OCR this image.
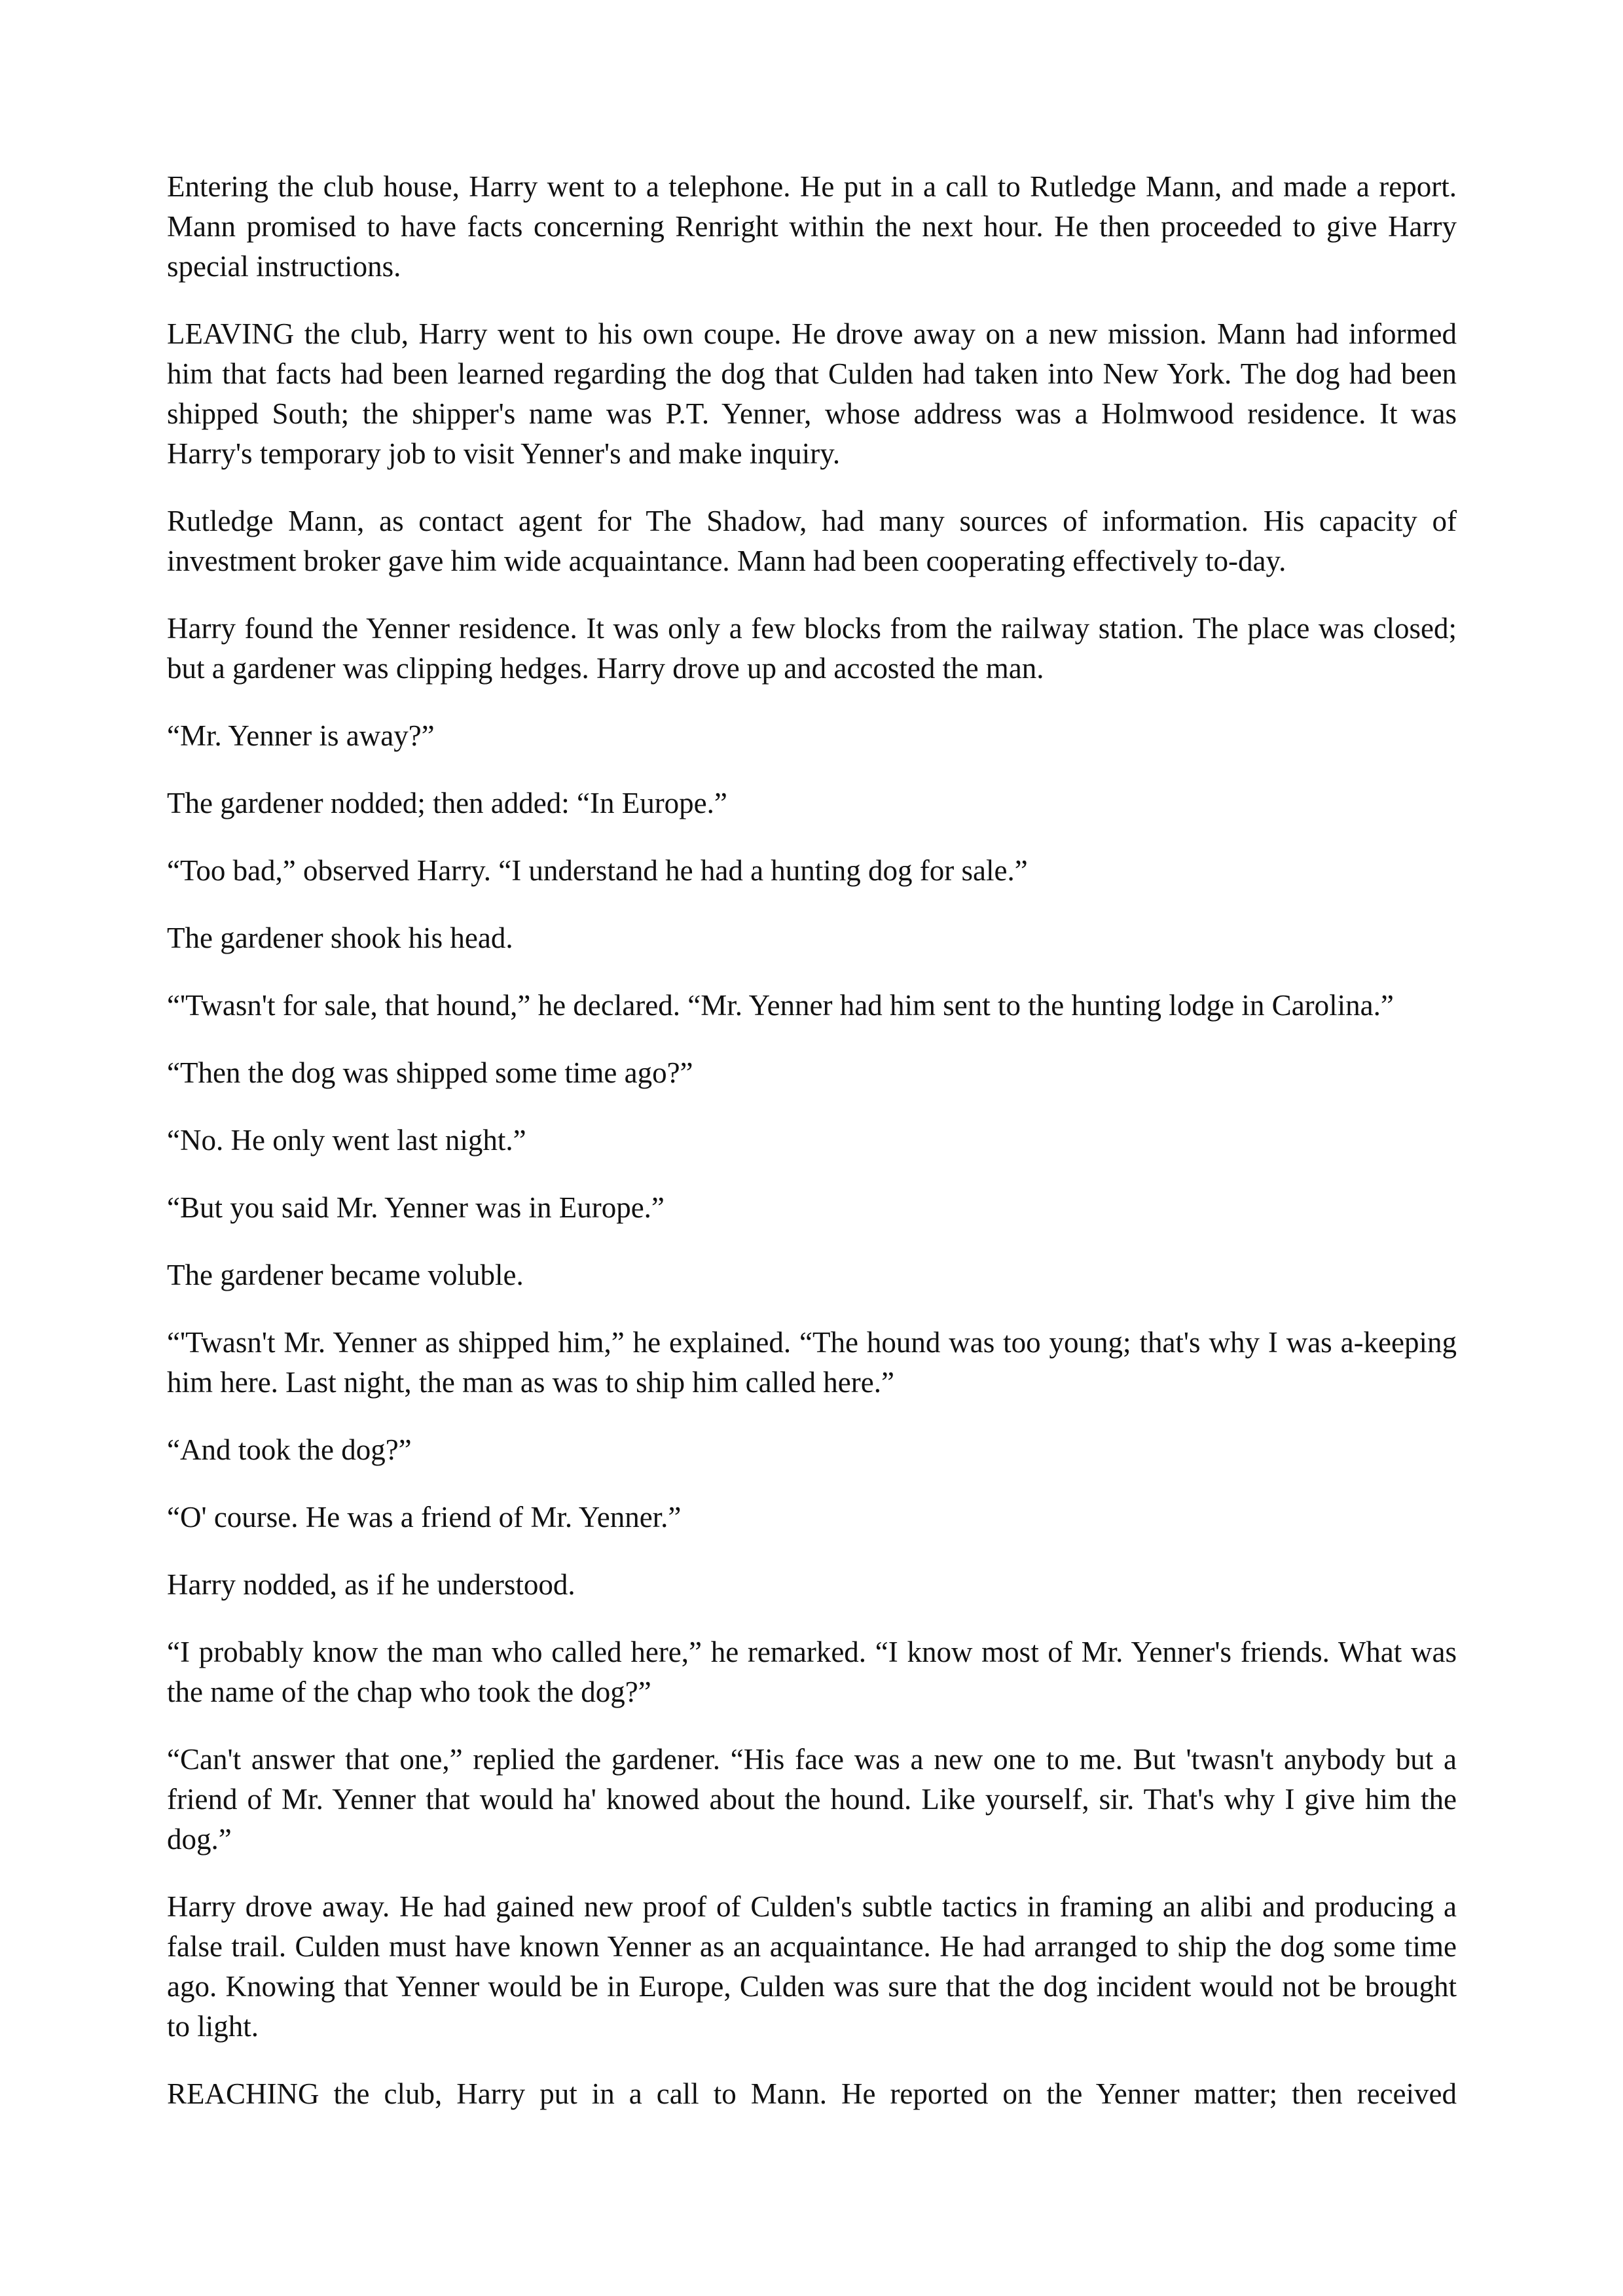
Entering the club house, Harry went to a telephone. He put in a call to Rutledge Mann, and made a report. Mann promised to have facts concerning Renright within the next hour. He then proceeded to give Harry special instructions.

LEAVING the club, Harry went to his own coupe. He drove away on a new mission. Mann had informed him that facts had been learned regarding the dog that Culden had taken into New York. The dog had been shipped South; the shipper's name was P.T. Yenner, whose address was a Holmwood residence. It was Harry's temporary job to visit Yenner's and make inquiry.

Rutledge Mann, as contact agent for The Shadow, had many sources of information. His capacity of investment broker gave him wide acquaintance. Mann had been cooperating effectively to-day.

Harry found the Yenner residence. It was only a few blocks from the railway station. The place was closed; but a gardener was clipping hedges. Harry drove up and accosted the man.

“Mr. Yenner is away?”

The gardener nodded; then added: “In Europe.”

“Too bad,” observed Harry. “I understand he had a hunting dog for sale.”

The gardener shook his head.

“'Twasn't for sale, that hound,” he declared. “Mr. Yenner had him sent to the hunting lodge in Carolina.”

“Then the dog was shipped some time ago?”

“No. He only went last night.”

“But you said Mr. Yenner was in Europe.”

The gardener became voluble.

“'Twasn't Mr. Yenner as shipped him,” he explained. “The hound was too young; that's why I was a-keeping him here. Last night, the man as was to ship him called here.”

“And took the dog?”

“O' course. He was a friend of Mr. Yenner.”

Harry nodded, as if he understood.

“I probably know the man who called here,” he remarked. “I know most of Mr. Yenner's friends. What was the name of the chap who took the dog?”

“Can't answer that one,” replied the gardener. “His face was a new one to me. But 'twasn't anybody but a friend of Mr. Yenner that would ha' knowed about the hound. Like yourself, sir. That's why I give him the dog.”

Harry drove away. He had gained new proof of Culden's subtle tactics in framing an alibi and producing a false trail. Culden must have known Yenner as an acquaintance. He had arranged to ship the dog some time ago. Knowing that Yenner would be in Europe, Culden was sure that the dog incident would not be brought to light.

REACHING the club, Harry put in a call to Mann. He reported on the Yenner matter; then received
